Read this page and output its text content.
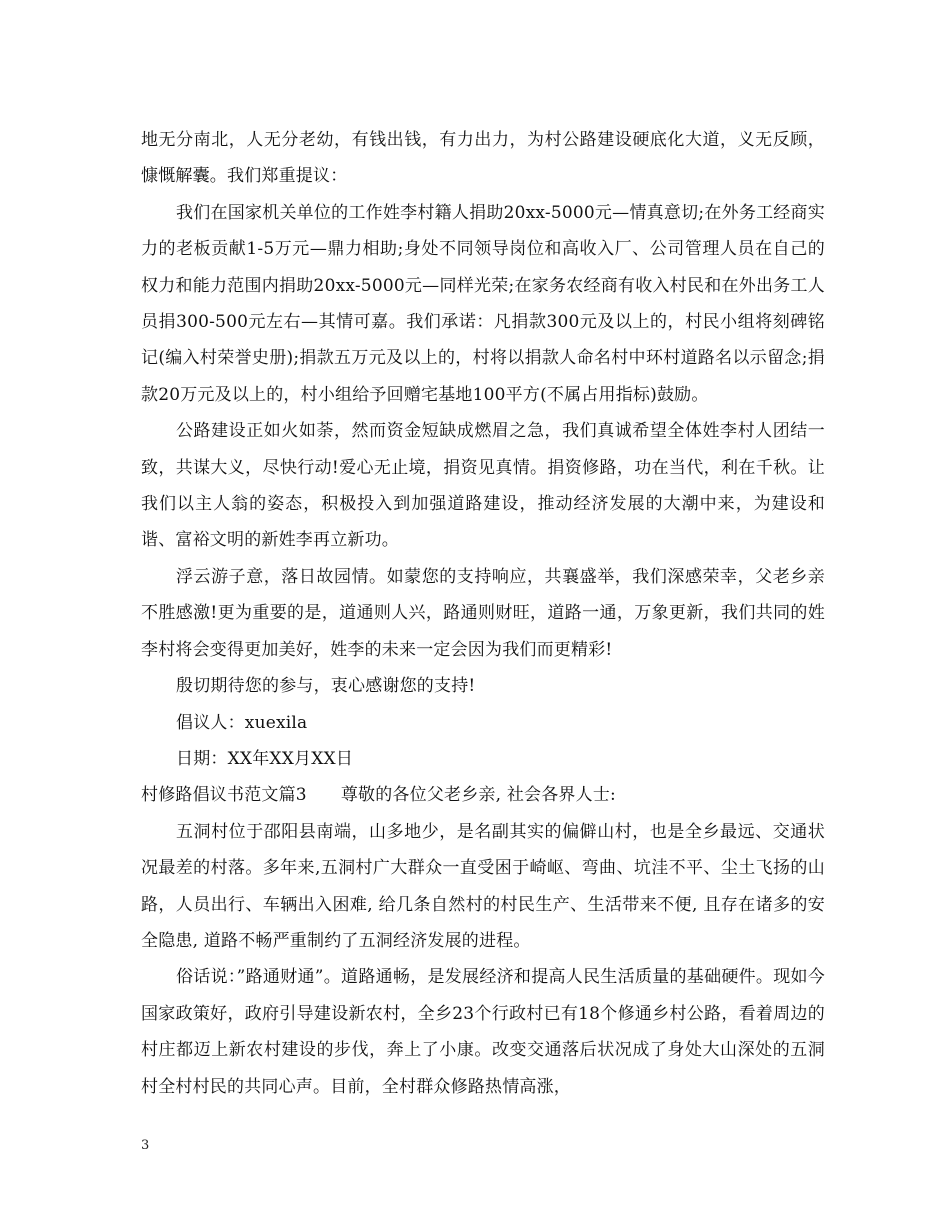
地无分南北，人无分老幼，有钱出钱，有力出力，为村公路建设硬底化大道，义无反顾，慷慨解囊。我们郑重提议：

我们在国家机关单位的工作姓李村籍人捐助20xx-5000元—情真意切;在外务工经商实力的老板贡献1-5万元—鼎力相助;身处不同领导岗位和高收入厂、公司管理人员在自己的权力和能力范围内捐助20xx-5000元—同样光荣;在家务农经商有收入村民和在外出务工人员捐300-500元左右—其情可嘉。我们承诺：凡捐款300元及以上的，村民小组将刻碑铭记(编入村荣誉史册);捐款五万元及以上的，村将以捐款人命名村中环村道路名以示留念;捐款20万元及以上的，村小组给予回赠宅基地100平方(不属占用指标)鼓励。

公路建设正如火如荼，然而资金短缺成燃眉之急，我们真诚希望全体姓李村人团结一致，共谋大义，尽快行动!爱心无止境，捐资见真情。捐资修路，功在当代，利在千秋。让我们以主人翁的姿态，积极投入到加强道路建设，推动经济发展的大潮中来，为建设和谐、富裕文明的新姓李再立新功。

浮云游子意，落日故园情。如蒙您的支持响应，共襄盛举，我们深感荣幸，父老乡亲不胜感激!更为重要的是，道通则人兴，路通则财旺，道路一通，万象更新，我们共同的姓李村将会变得更加美好，姓李的未来一定会因为我们而更精彩!

殷切期待您的参与，衷心感谢您的支持!

倡议人：xuexila

日期：XX年XX月XX日

村修路倡议书范文篇3 尊敬的各位父老乡亲, 社会各界人士:

五洞村位于邵阳县南端，山多地少，是名副其实的偏僻山村，也是全乡最远、交通状况最差的村落。多年来,五洞村广大群众一直受困于崎岖、弯曲、坑洼不平、尘土飞扬的山路，人员出行、车辆出入困难, 给几条自然村的村民生产、生活带来不便, 且存在诸多的安全隐患, 道路不畅严重制约了五洞经济发展的进程。

俗话说：”路通财通”。道路通畅，是发展经济和提高人民生活质量的基础硬件。现如今国家政策好，政府引导建设新农村，全乡23个行政村已有18个修通乡村公路，看着周边的村庄都迈上新农村建设的步伐，奔上了小康。改变交通落后状况成了身处大山深处的五洞村全村村民的共同心声。目前，全村群众修路热情高涨，

3
